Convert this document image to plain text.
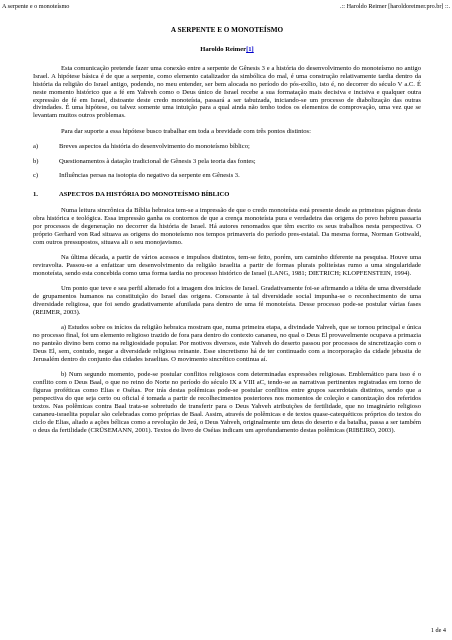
A serpente e o monoteísmo	.:: Haroldo Reimer [haroldoreimer.pro.br] ::.
A SERPENTE E O MONOTEÍSMO
Haroldo Reimer[1]

Esta comunicação pretende fazer uma conexão entre a serpente de Gênesis 3 e a história do desenvolvimento do monoteísmo no antigo Israel. A hipótese básica é de que a serpente, como elemento catalizador da simbólica do mal, é uma construção relativamente tardia dentro da história da religião do Israel antigo, podendo, no meu entender, ser bem alocada no período do pós-exílio, isto é, no decorrer do século V a.C. É neste momento histórico que a fé em Yahveh como o Deus único de Israel recebe a sua formatação mais decisiva e incisiva e qualquer outra expressão de fé em Israel, distoante deste credo monoteísta, passará a ser tabuizada, iniciando-se um processo de diabolização das outras divindades. É uma hipótese, ou talvez somente uma intuição para a qual ainda não tenho todos os elementos de comprovação, uma vez que se levantam muitos outros problemas.

Para dar suporte a essa hipótese busco trabalhar em toda a brevidade com três pontos distintos:

a)	Breves aspectos da história do desenvolvimento do monoteísmo bíblico;
b)	Questionamentos à datação tradicional de Gênesis 3 pela teoria das fontes;
c)	Influências persas na isotopia do negativo da serpente em Gênesis 3.
1.	ASPECTOS DA HISTÓRIA DO MONOTEÍSMO BÍBLICO

Numa leitura sincrônica da Bíblia hebraica tem-se a impressão de que o credo monoteísta está presente desde as primeiras páginas desta obra histórica e teológica. Essa impressão ganha os contornos de que a crença monoteísta pura e verdadeira das origens do povo hebreu passaria por processos de degeneração no decorrer da história de Israel. Há autores renomados que têm escrito os seus trabalhos nesta perspectiva. O próprio Gerhard von Rad situava as origens do monoteísmo nos tempos primaveris do período pres-estatal. Da mesma forma, Norman Gottwald, com outros pressupostos, situava ali o seu monojavismo.

Na última década, a partir de vários acessos e impulsos distintos, tem-se feito, porém, um caminho diferente na pesquisa. Houve uma reviravolta. Passou-se a enfatizar um desenvolvimento da religião israelita a partir de formas plurais politeístas rumo a uma singularidade monoteísta, sendo esta concebida como uma forma tardia no processo histórico de Israel (LANG, 1981; DIETRICH; KLOPFENSTEIN, 1994).

Um ponto que teve e sea perfil alterado foi a imagem dos inícios de Israel. Gradativamente foi-se afirmando a idéia de uma diversidade de grupamentos humanos na constituição do Israel das origens. Consoante à tal diversidade social impunha-se o reconhecimento de uma diversidade religiosa, que foi sendo gradativamente afunilada para dentro de uma fé monoteísta. Desse processo pode-se postular várias fases (REIMER, 2003).

a) Estudos sobre os inícios da religião hebraica mostram que, numa primeira etapa, a divindade Yahveh, que se tornou principal e única no processo final, foi um elemento religioso trazido de fora para dentro do contexto cananeu, no qual o Deus El provavelmente ocupava a primazia no panteão divino bem como na religiosidade popular. Por motivos diversos, este Yahveh do deserto passou por processos de sincretização com o Deus El, sem, contudo, negar a diversidade religiosa reinante. Esse sincretismo há de ter continuado com a incorporação da cidade jebusita de Jerusalém dentro do conjunto das cidades israelitas. O movimento sincrético continua aí.

b) Num segundo momento, pode-se postular conflitos religiosos com determinadas expressões religiosas. Emblemático para isso é o conflito com o Deus Baal, o que no reino do Norte no período do século IX a VIII aC, tendo-se as narrativas pertinentes registradas em torno de figuras proféticas como Elias e Oséias. Por trás destas polêmicas pode-se postular conflitos entre grupos sacerdotais distintos, sendo que a perspectiva do que seja certo ou oficial é tomada a partir de recolhecimentos posteriores nos momentos de coleção e canonização dos referidos textos. Nas polêmicas contra Baal trata-se sobretudo de transferir para o Deus Yahveh atribuições de fertilidade, que no imaginário religioso cananeu-israelita popular são celebradas como próprias de Baal. Assim, através de polêmicas e de textos quase-catequéticos próprios do textos do ciclo de Elias, aliado a ações bélicas como a revolução de Jeú, o Deus Yahveh, originalmente um deus do deserto e da batalha, passa a ser também o deus da fertilidade (CRÜSEMANN, 2001). Textos do livro de Oséias indicam um aprofundamento destas polêmicas (RIBEIRO, 2003).

1 de 4
